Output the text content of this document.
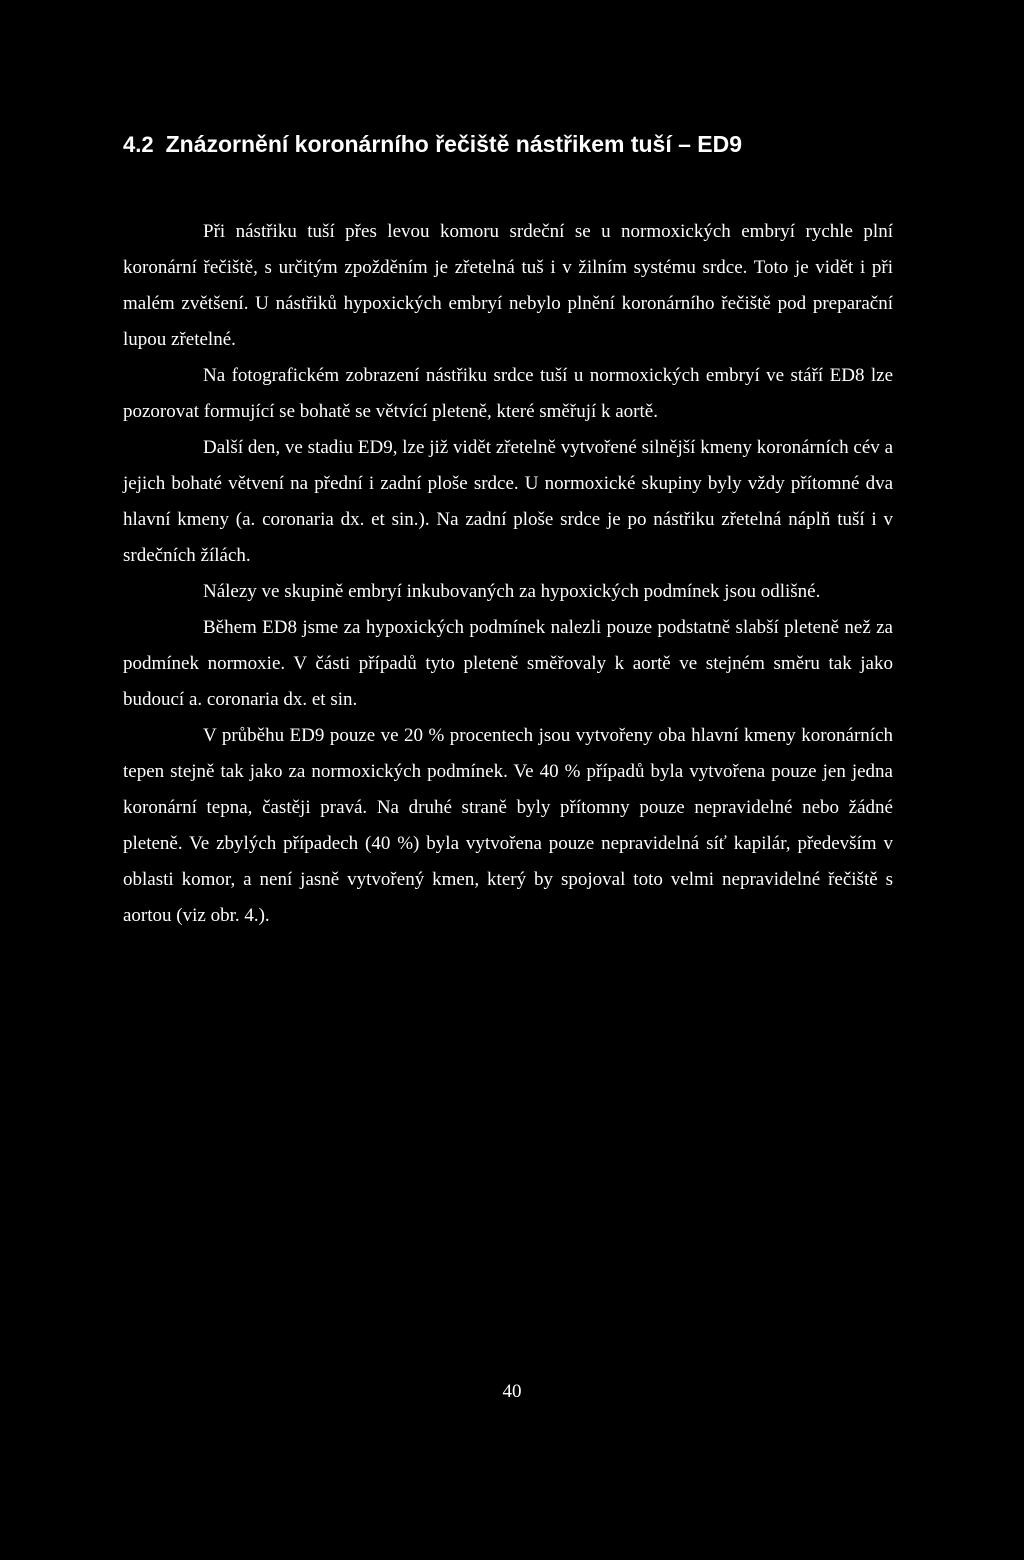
4.2 Znázornění koronárního řečiště nástřikem tuší – ED9

Při nástřiku tuší přes levou komoru srdeční se u normoxických embryí rychle plní koronární řečiště, s určitým zpožděním je zřetelná tuš i v žilním systému srdce. Toto je vidět i při malém zvětšení. U nástřiků hypoxických embryí nebylo plnění koronárního řečiště pod preparační lupou zřetelné.

Na fotografickém zobrazení nástřiku srdce tuší u normoxických embryí ve stáří ED8 lze pozorovat formující se bohatě se větvící pleteně, které směřují k aortě.

Další den, ve stadiu ED9, lze již vidět zřetelně vytvořené silnější kmeny koronárních cév a jejich bohaté větvení na přední i zadní ploše srdce. U normoxické skupiny byly vždy přítomné dva hlavní kmeny (a. coronaria dx. et sin.). Na zadní ploše srdce je po nástřiku zřetelná náplň tuší i v srdečních žílách.

Nálezy ve skupině embryí inkubovaných za hypoxických podmínek jsou odlišné.

Během ED8 jsme za hypoxických podmínek nalezli pouze podstatně slabší pleteně než za podmínek normoxie. V části případů tyto pleteně směřovaly k aortě ve stejném směru tak jako budoucí a. coronaria dx. et sin.

V průběhu ED9 pouze ve 20 % procentech jsou vytvořeny oba hlavní kmeny koronárních tepen stejně tak jako za normoxických podmínek. Ve 40 % případů byla vytvořena pouze jen jedna koronární tepna, častěji pravá. Na druhé straně byly přítomny pouze nepravidelné nebo žádné pleteně. Ve zbylých případech (40 %) byla vytvořena pouze nepravidelná síť kapilár, především v oblasti komor, a není jasně vytvořený kmen, který by spojoval toto velmi nepravidelné řečiště s aortou (viz obr. 4.).

40
